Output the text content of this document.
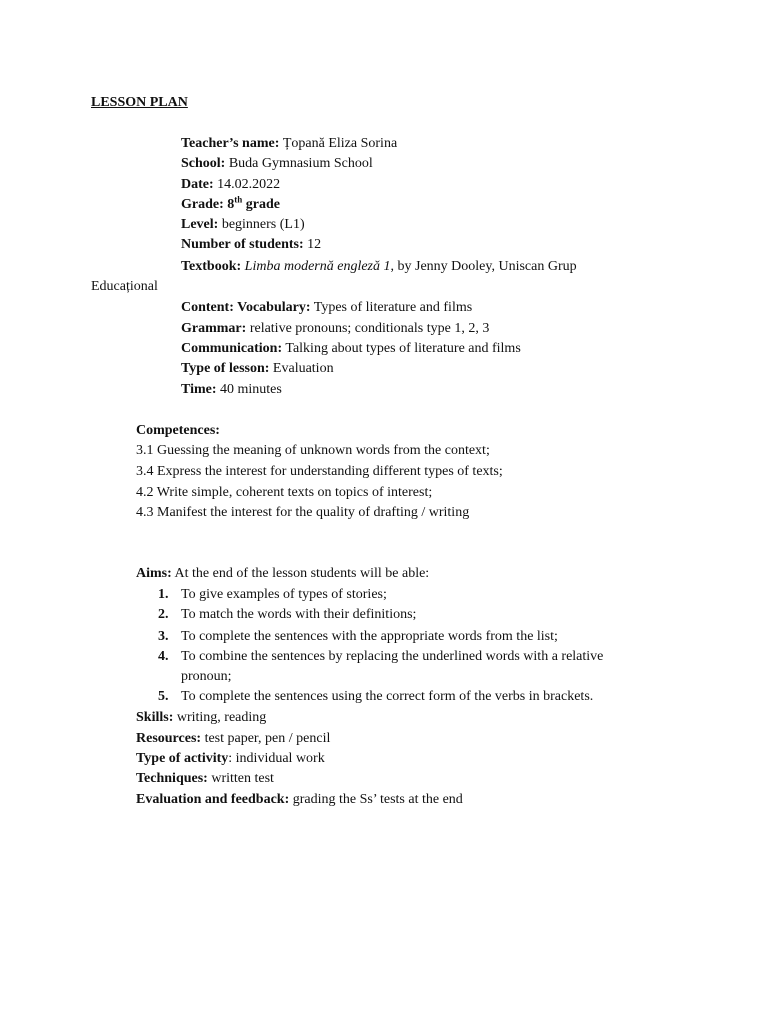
LESSON PLAN
Teacher’s name: Țopană Eliza Sorina
School: Buda Gymnasium School
Date: 14.02.2022
Grade: 8th grade
Level: beginners (L1)
Number of students: 12
Textbook: Limba modernă engleză 1, by Jenny Dooley, Uniscan Grup
Educațional
Content: Vocabulary: Types of literature and films
Grammar: relative pronouns; conditionals type 1, 2, 3
Communication: Talking about types of literature and films
Type of lesson: Evaluation
Time: 40 minutes
Competences:
3.1 Guessing the meaning of unknown words from the context;
3.4 Express the interest for understanding different types of texts;
4.2 Write simple, coherent texts on topics of interest;
4.3 Manifest the interest for the quality of drafting / writing
Aims: At the end of the lesson students will be able:
1. To give examples of types of stories;
2. To match the words with their definitions;
3. To complete the sentences with the appropriate words from the list;
4. To combine the sentences by replacing the underlined words with a relative
pronoun;
5. To complete the sentences using the correct form of the verbs in brackets.
Skills: writing, reading
Resources: test paper, pen / pencil
Type of activity: individual work
Techniques: written test
Evaluation and feedback: grading the Ss’ tests at the end
